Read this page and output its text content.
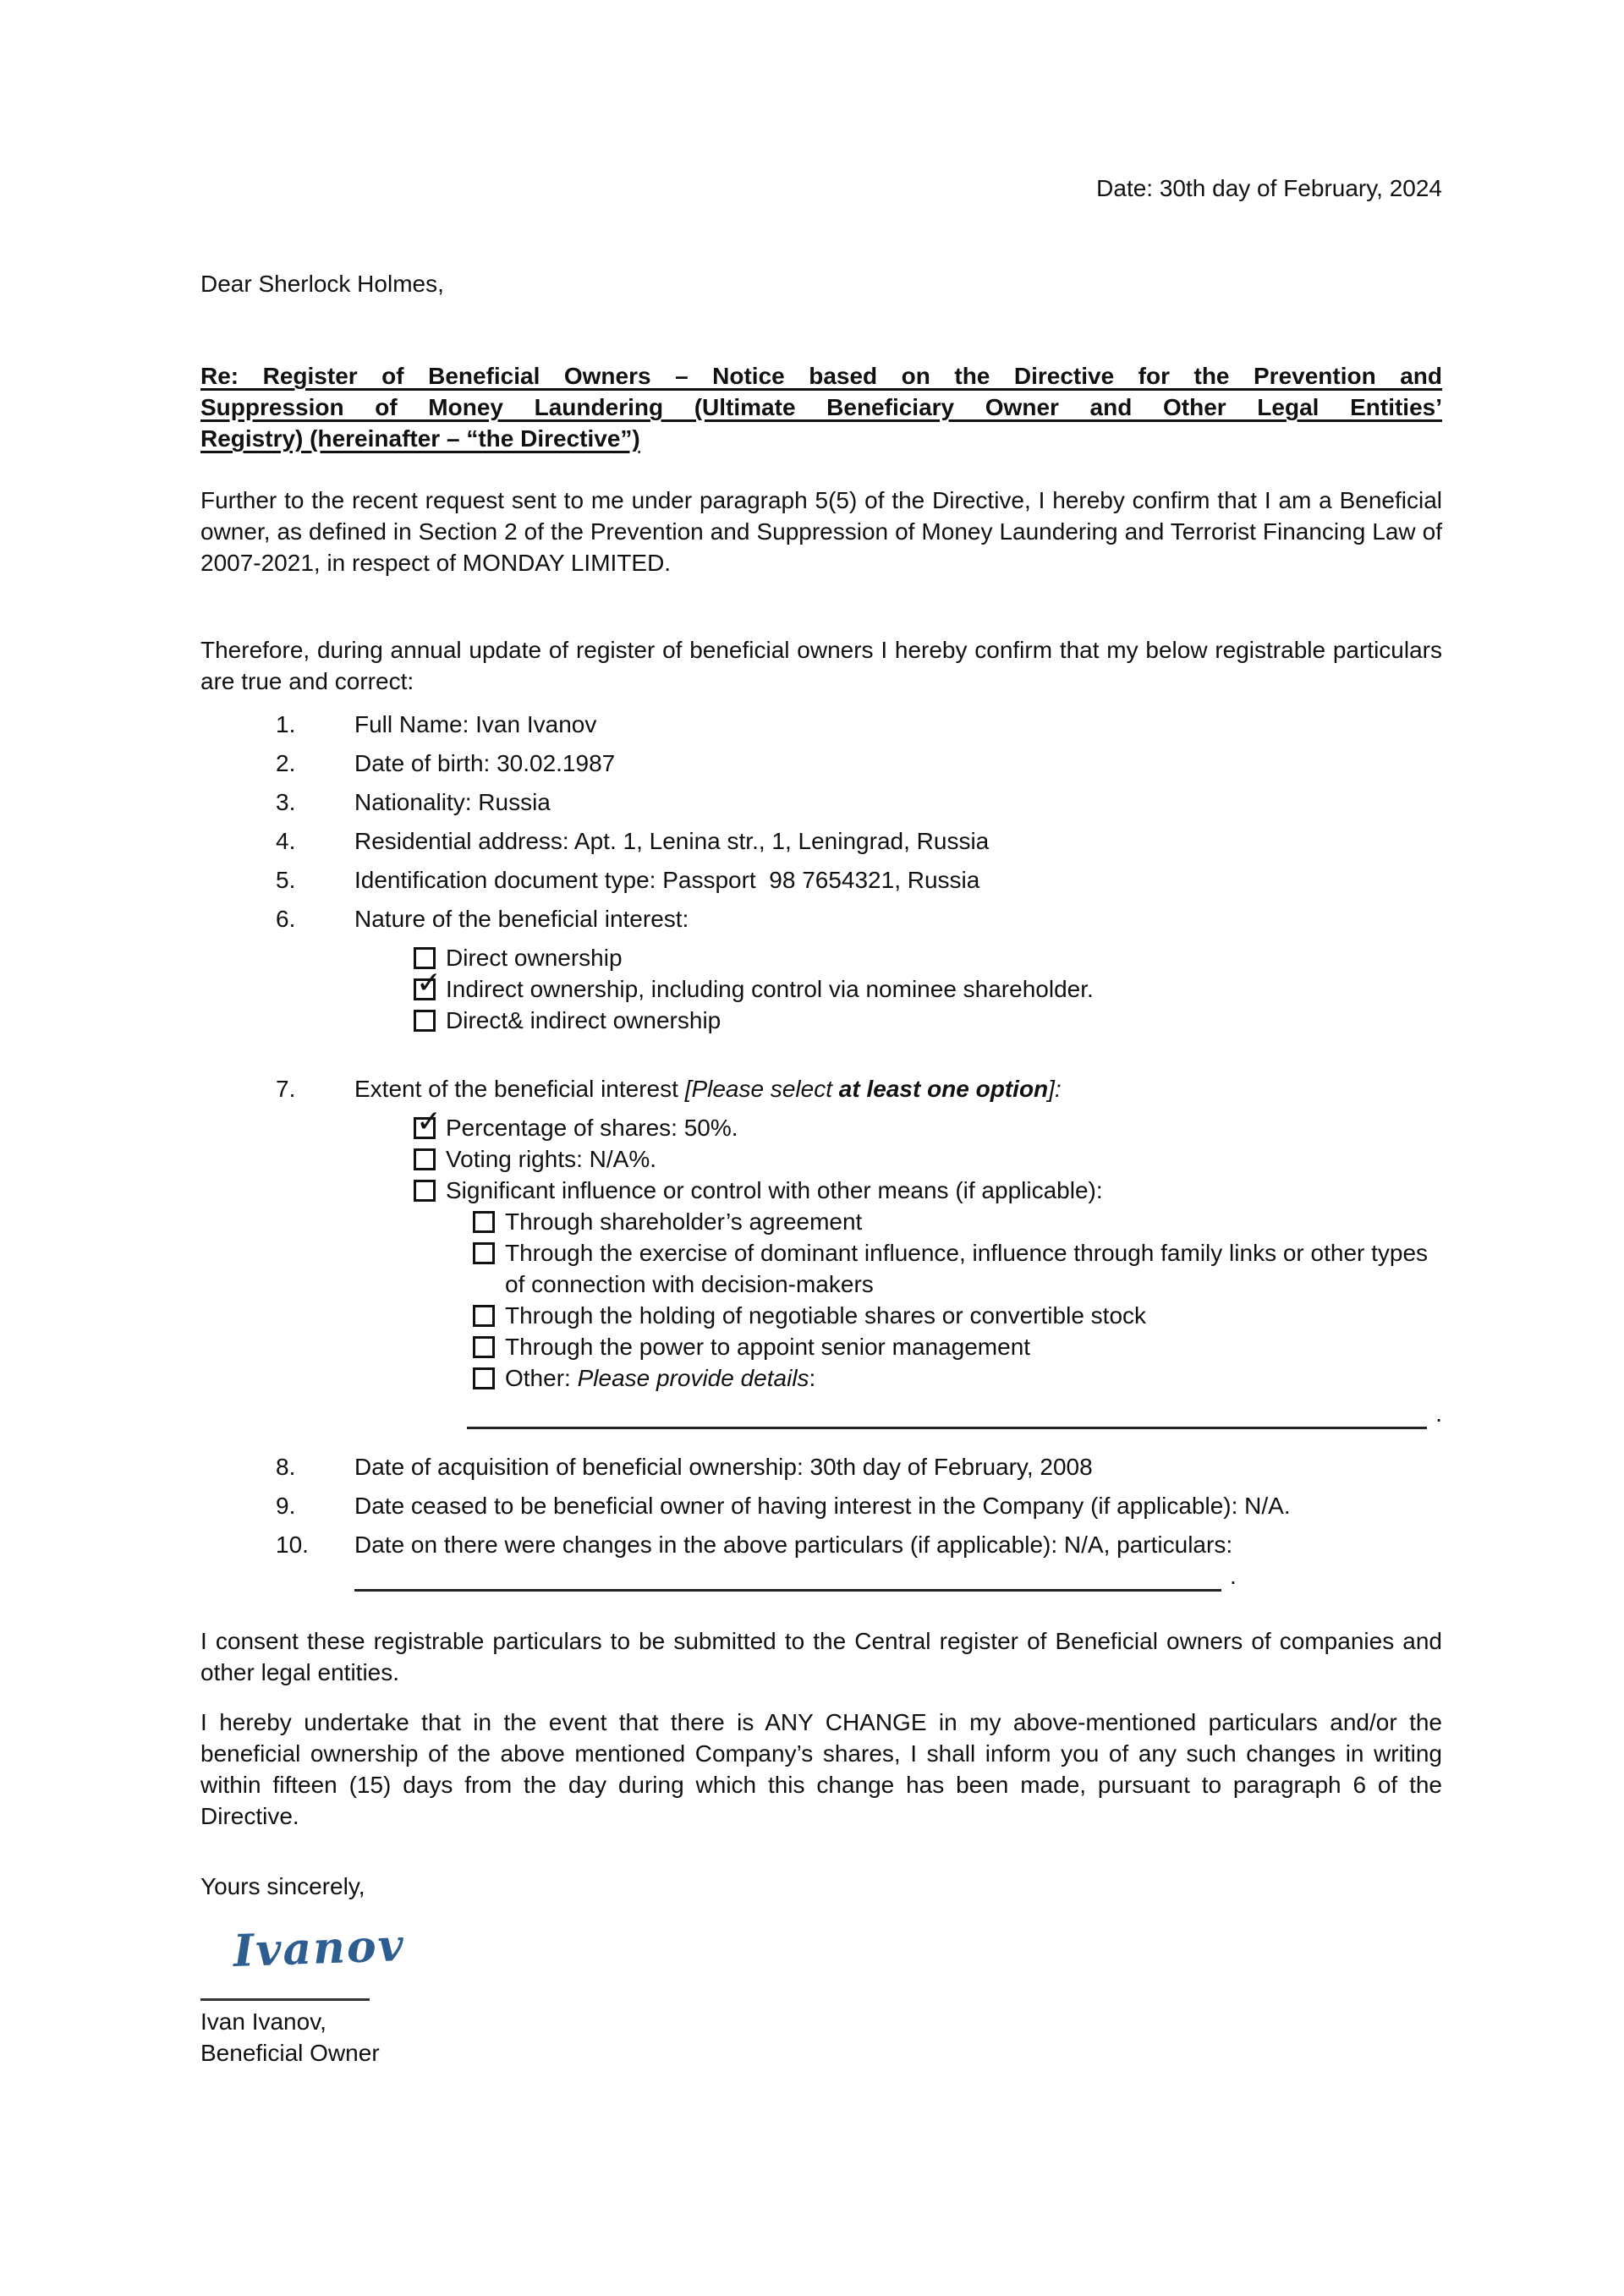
Date: 30th day of February, 2024
Dear Sherlock Holmes,
Re: Register of Beneficial Owners – Notice based on the Directive for the Prevention and
Suppression of Money Laundering (Ultimate Beneficiary Owner and Other Legal Entities’
Registry) (hereinafter – “the Directive”)
Further to the recent request sent to me under paragraph 5(5) of the Directive, I hereby confirm that I am a Beneficial owner, as defined in Section 2 of the Prevention and Suppression of Money Laundering and Terrorist Financing Law of 2007-2021, in respect of MONDAY LIMITED.
Therefore, during annual update of register of beneficial owners I hereby confirm that my below registrable particulars are true and correct:
1.	Full Name: Ivan Ivanov
2.	Date of birth: 30.02.1987
3.	Nationality: Russia
4.	Residential address: Apt. 1, Lenina str., 1, Leningrad, Russia
5.	Identification document type: Passport  98 7654321, Russia
6.	Nature of the beneficial interest:
Direct ownership
✓ Indirect ownership, including control via nominee shareholder.
Direct& indirect ownership
7.	Extent of the beneficial interest [Please select at least one option]:
✓ Percentage of shares: 50%.
Voting rights: N/A%.
Significant influence or control with other means (if applicable):
Through shareholder’s agreement
Through the exercise of dominant influence, influence through family links or other types of connection with decision-makers
Through the holding of negotiable shares or convertible stock
Through the power to appoint senior management
Other: Please provide details:
.
8.	Date of acquisition of beneficial ownership: 30th day of February, 2008
9.	Date ceased to be beneficial owner of having interest in the Company (if applicable): N/A.
10.	Date on there were changes in the above particulars (if applicable): N/A, particulars:
.
I consent these registrable particulars to be submitted to the Central register of Beneficial owners of companies and other legal entities.
I hereby undertake that in the event that there is ANY CHANGE in my above-mentioned particulars and/or the beneficial ownership of the above mentioned Company’s shares, I shall inform you of any such changes in writing within fifteen (15) days from the day during which this change has been made, pursuant to paragraph 6 of the Directive.
Yours sincerely,
Ivanov
Ivan Ivanov,
Beneficial Owner
